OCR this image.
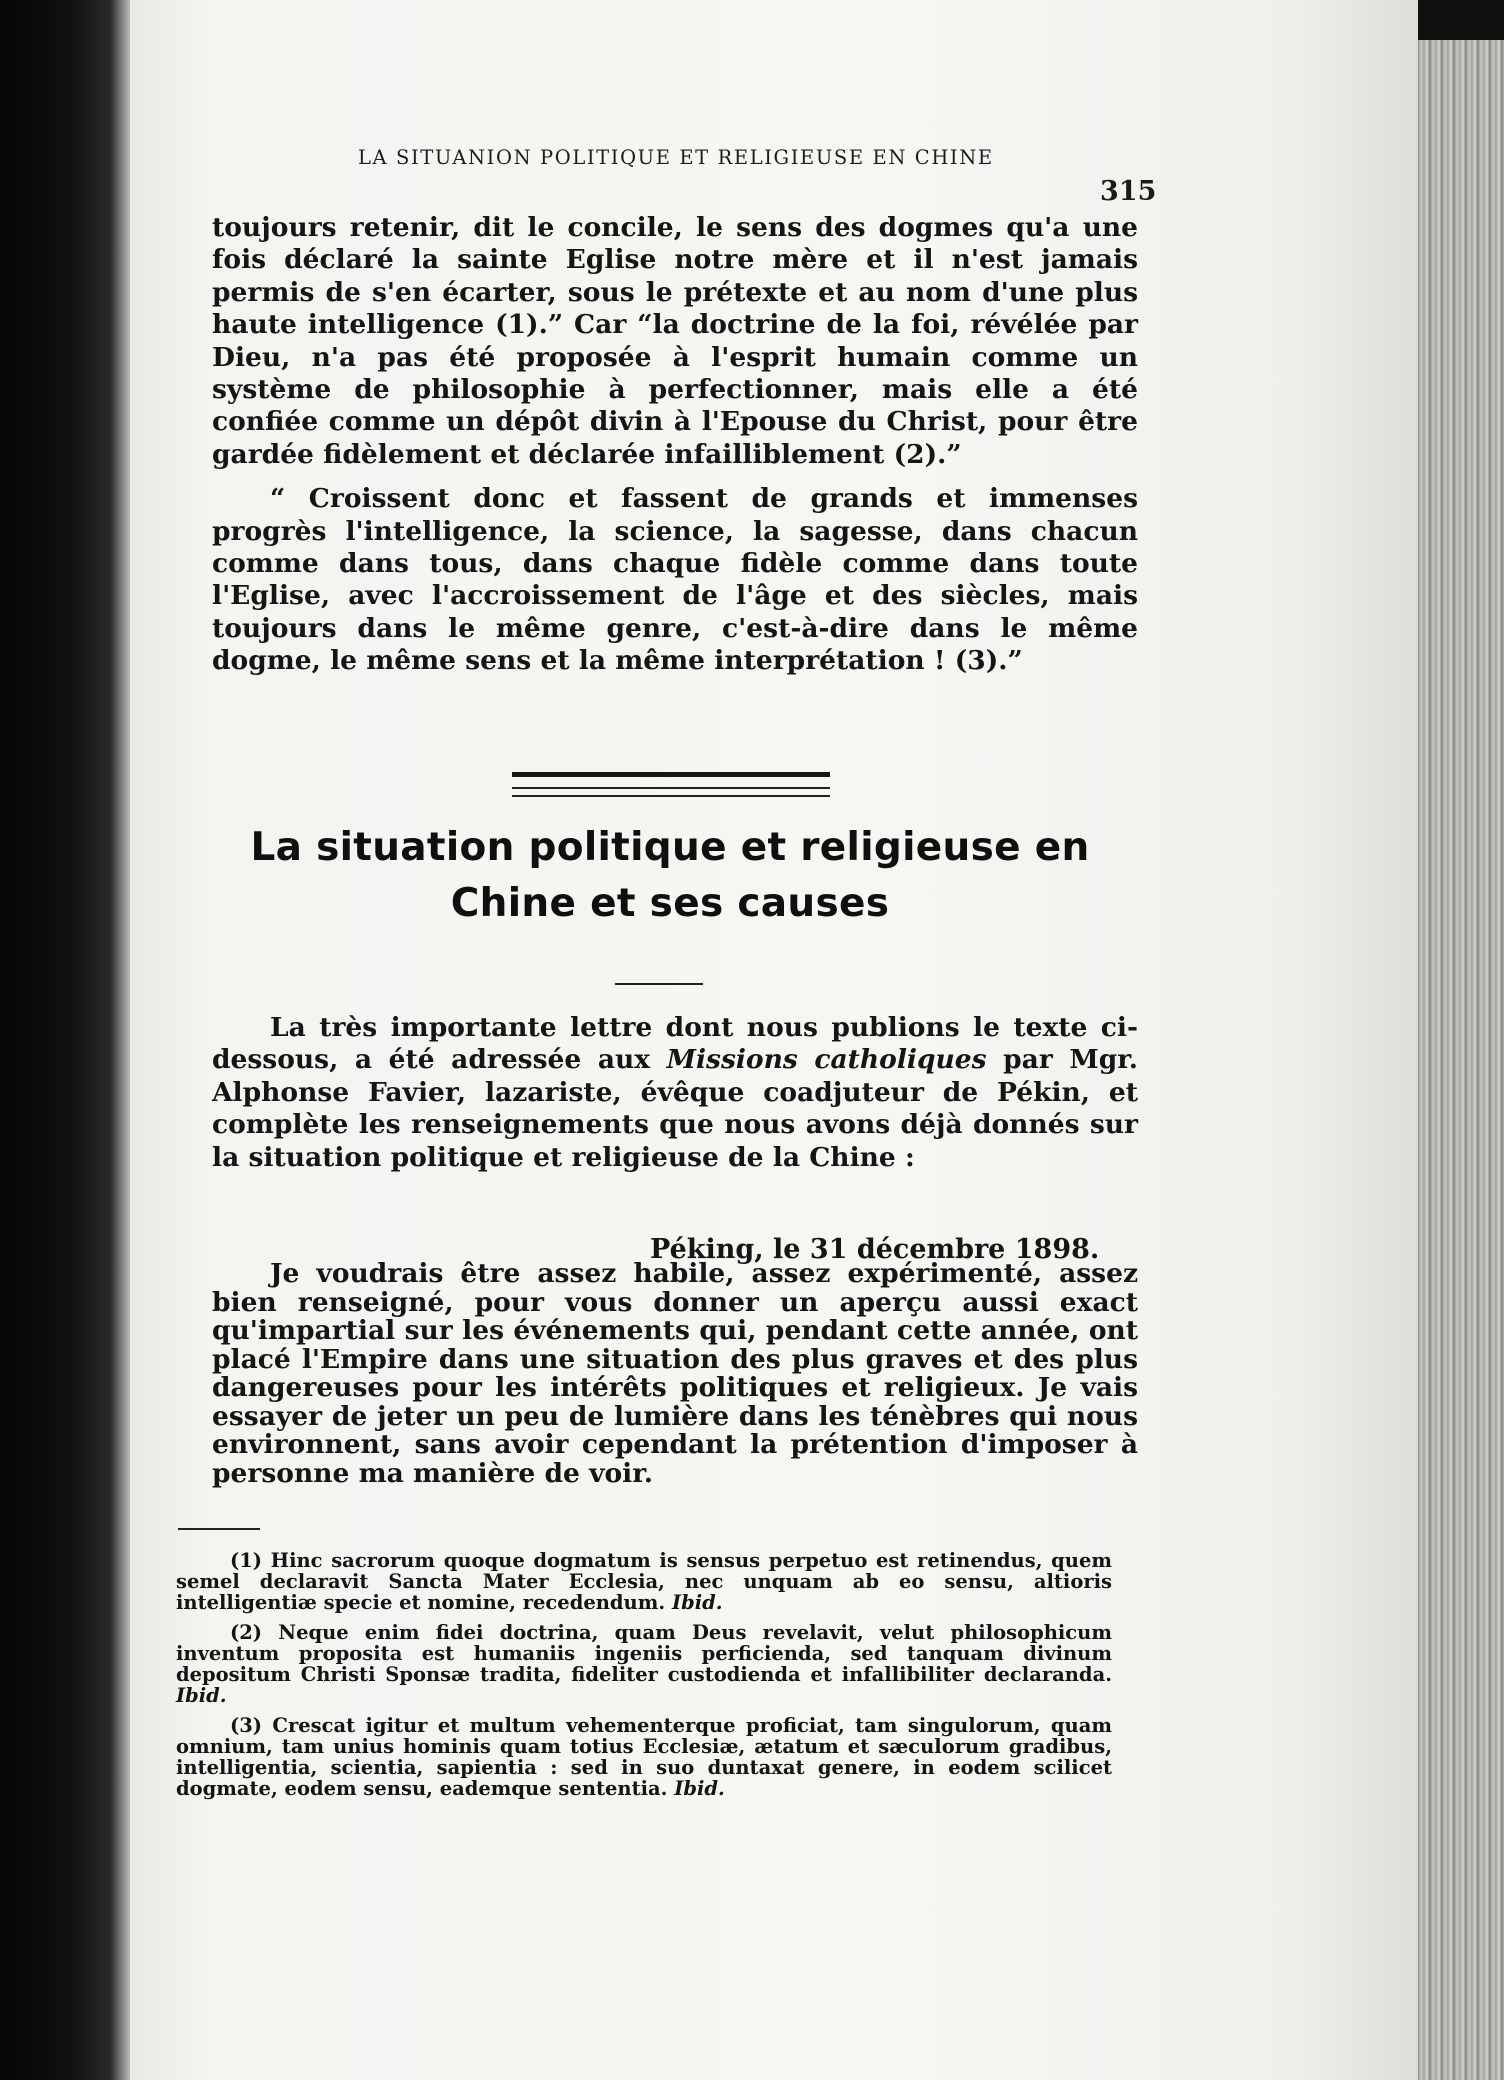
LA SITUANION POLITIQUE ET RELIGIEUSE EN CHINE
315

toujours retenir, dit le concile, le sens des dogmes qu'a une fois déclaré la sainte Eglise notre mère et il n'est jamais permis de s'en écarter, sous le prétexte et au nom d'une plus haute intelligence (1).” Car “la doctrine de la foi, révélée par Dieu, n'a pas été proposée à l'esprit humain comme un système de philosophie à perfectionner, mais elle a été confiée comme un dépôt divin à l'Epouse du Christ, pour être gardée fidèlement et déclarée infailliblement (2).”

“ Croissent donc et fassent de grands et immenses progrès l'intelligence, la science, la sagesse, dans chacun comme dans tous, dans chaque fidèle comme dans toute l'Eglise, avec l'accroissement de l'âge et des siècles, mais toujours dans le même genre, c'est-à-dire dans le même dogme, le même sens et la même interprétation ! (3).”

La situation politique et religieuse en
Chine et ses causes

La très importante lettre dont nous publions le texte ci-dessous, a été adressée aux Missions catholiques par Mgr. Alphonse Favier, lazariste, évêque coadjuteur de Pékin, et complète les renseignements que nous avons déjà donnés sur la situation politique et religieuse de la Chine :

Péking, le 31 décembre 1898.

Je voudrais être assez habile, assez expérimenté, assez bien renseigné, pour vous donner un aperçu aussi exact qu'impartial sur les événements qui, pendant cette année, ont placé l'Empire dans une situation des plus graves et des plus dangereuses pour les intérêts politiques et religieux. Je vais essayer de jeter un peu de lumière dans les ténèbres qui nous environnent, sans avoir cependant la prétention d'imposer à personne ma manière de voir.

(1) Hinc sacrorum quoque dogmatum is sensus perpetuo est retinendus, quem semel declaravit Sancta Mater Ecclesia, nec unquam ab eo sensu, altioris intelligentiæ specie et nomine, recedendum. Ibid.

(2) Neque enim fidei doctrina, quam Deus revelavit, velut philosophicum inventum proposita est humaniis ingeniis perficienda, sed tanquam divinum depositum Christi Sponsæ tradita, fideliter custodienda et infallibiliter declaranda. Ibid.

(3) Crescat igitur et multum vehementerque proficiat, tam singulorum, quam omnium, tam unius hominis quam totius Ecclesiæ, ætatum et sæculorum gradibus, intelligentia, scientia, sapientia : sed in suo duntaxat genere, in eodem scilicet dogmate, eodem sensu, eademque sententia. Ibid.
